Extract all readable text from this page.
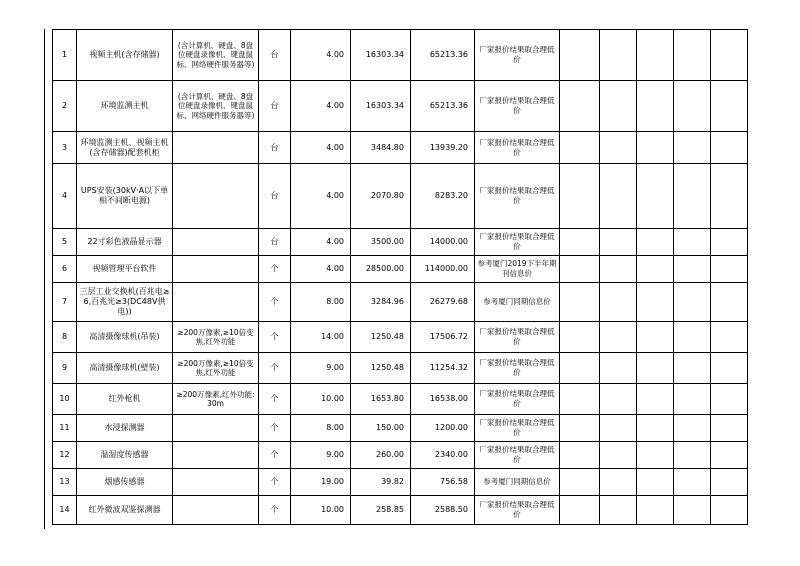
1	视频主机(含存储器)	(含计算机、硬盘、8盘位硬盘录像机、键盘鼠标、网络硬件服务器等)	台	4.00	16303.34	65213.36	厂家报价结果取合理低价					
2	环境监测主机	(含计算机、硬盘、8盘位硬盘录像机、键盘鼠标、网络硬件服务器等)	台	4.00	16303.34	65213.36	厂家报价结果取合理低价					
3	环境监测主机、视频主机(含存储器)配套机柜		台	4.00	3484.80	13939.20	厂家报价结果取合理低价					
4	UPS安装(30kV·A以下单相不间断电源)		台	4.00	2070.80	8283.20	厂家报价结果取合理低价					
5	22寸彩色液晶显示器		台	4.00	3500.00	14000.00	厂家报价结果取合理低价					
6	视频管理平台软件		个	4.00	28500.00	114000.00	参考厦门2019下半年期刊信息价					
7	三层工业交换机(百兆电≥6,百兆光≥3(DC48V供电))		个	8.00	3284.96	26279.68	参考厦门同期信息价					
8	高清摄像球机(吊装)	≥200万像素,≥10倍变焦,红外功能	个	14.00	1250.48	17506.72	厂家报价结果取合理低价					
9	高清摄像球机(壁装)	≥200万像素,≥10倍变焦,红外功能	个	9.00	1250.48	11254.32	厂家报价结果取合理低价					
10	红外枪机	≥200万像素,红外功能:30m	个	10.00	1653.80	16538.00	厂家报价结果取合理低价					
11	水浸探测器		个	8.00	150.00	1200.00	厂家报价结果取合理低价					
12	温湿度传感器		个	9.00	260.00	2340.00	厂家报价结果取合理低价					
13	烟感传感器		个	19.00	39.82	756.58	参考厦门同期信息价					
14	红外微波双鉴探测器		个	10.00	258.85	2588.50	厂家报价结果取合理低价					
